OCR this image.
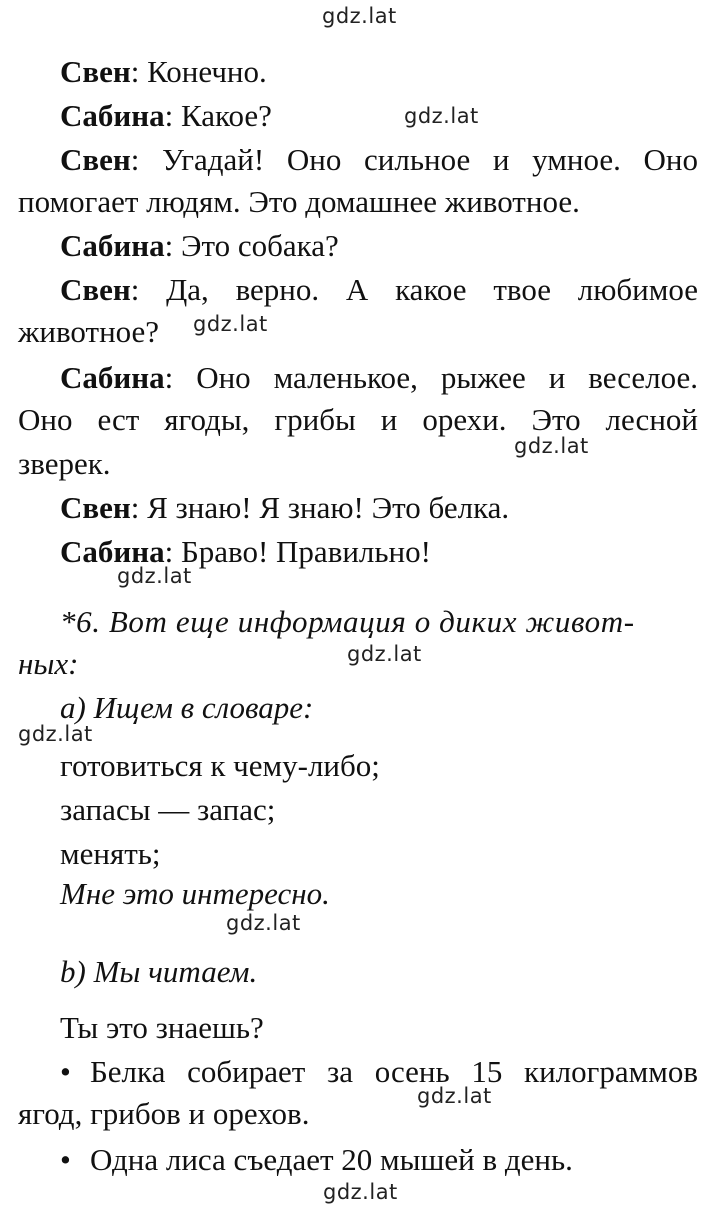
gdz.lat
gdz.lat
gdz.lat
gdz.lat
gdz.lat
gdz.lat
gdz.lat
gdz.lat
gdz.lat
gdz.lat
Свен: Конечно.
Сабина: Какое?
Свен: Угадай! Оно сильное и умное. Оно
помогает людям. Это домашнее животное.
Сабина: Это собака?
Свен: Да, верно. А какое твое любимое
животное?
Сабина: Оно маленькое, рыжее и веселое.
Оно ест ягоды, грибы и орехи. Это лесной
зверек.
Свен: Я знаю! Я знаю! Это белка.
Сабина: Браво! Правильно!
*6. Вот еще информация о диких живот-
ных:
a) Ищем в словаре:
готовиться к чему-либо;
запасы — запас;
менять;
Мне это интересно.
b) Мы читаем.
Ты это знаешь?
• Белка собирает за осень 15 килограммов
ягод, грибов и орехов.
• Одна лиса съедает 20 мышей в день.
